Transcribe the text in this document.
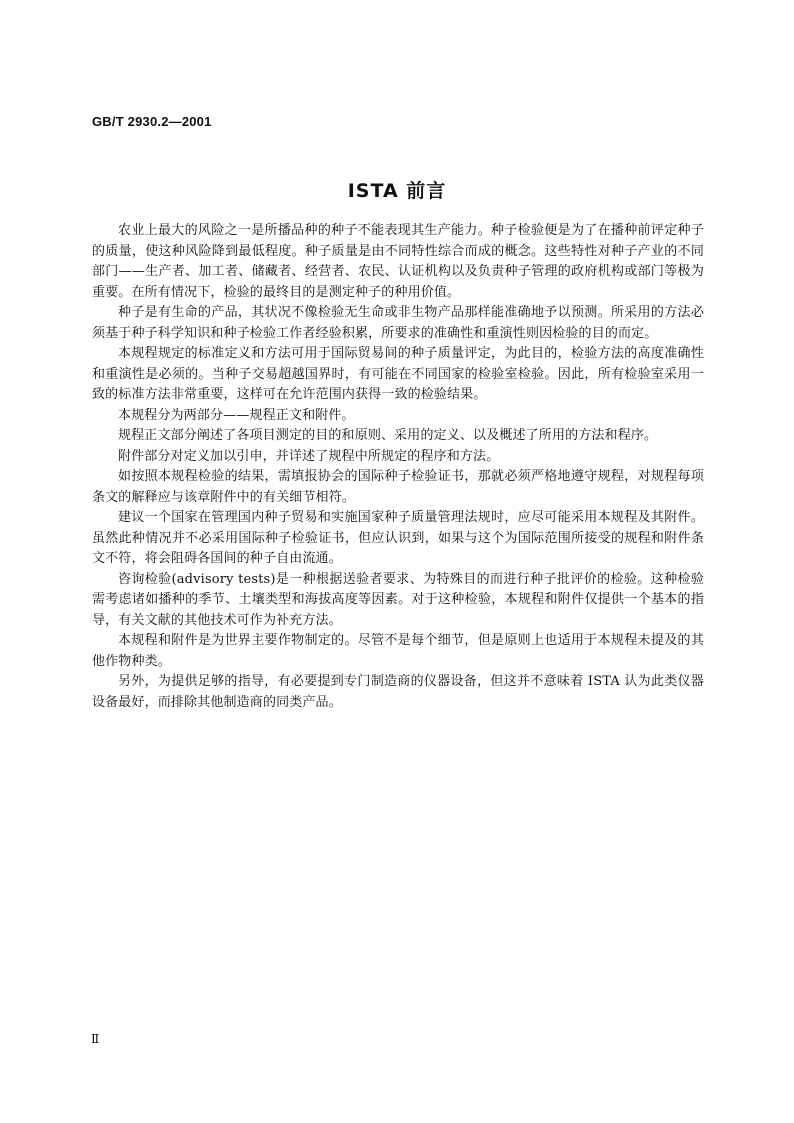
GB/T 2930.2—2001
ISTA 前言

农业上最大的风险之一是所播品种的种子不能表现其生产能力。种子检验便是为了在播种前评定种子的质量，使这种风险降到最低程度。种子质量是由不同特性综合而成的概念。这些特性对种子产业的不同部门——生产者、加工者、储藏者、经营者、农民、认证机构以及负责种子管理的政府机构或部门等极为重要。在所有情况下，检验的最终目的是测定种子的种用价值。

种子是有生命的产品，其状况不像检验无生命或非生物产品那样能准确地予以预测。所采用的方法必须基于种子科学知识和种子检验工作者经验积累，所要求的准确性和重演性则因检验的目的而定。

本规程规定的标准定义和方法可用于国际贸易间的种子质量评定，为此目的，检验方法的高度准确性和重演性是必须的。当种子交易超越国界时，有可能在不同国家的检验室检验。因此，所有检验室采用一致的标准方法非常重要，这样可在允许范围内获得一致的检验结果。

本规程分为两部分——规程正文和附件。

规程正文部分阐述了各项目测定的目的和原则、采用的定义、以及概述了所用的方法和程序。

附件部分对定义加以引申，并详述了规程中所规定的程序和方法。

如按照本规程检验的结果，需填报协会的国际种子检验证书，那就必须严格地遵守规程，对规程每项条文的解释应与该章附件中的有关细节相符。

建议一个国家在管理国内种子贸易和实施国家种子质量管理法规时，应尽可能采用本规程及其附件。虽然此种情况并不必采用国际种子检验证书，但应认识到，如果与这个为国际范围所接受的规程和附件条文不符，将会阻碍各国间的种子自由流通。

咨询检验(advisory tests)是一种根据送验者要求、为特殊目的而进行种子批评价的检验。这种检验需考虑诸如播种的季节、土壤类型和海拔高度等因素。对于这种检验，本规程和附件仅提供一个基本的指导，有关文献的其他技术可作为补充方法。

本规程和附件是为世界主要作物制定的。尽管不是每个细节，但是原则上也适用于本规程未提及的其他作物种类。

另外，为提供足够的指导，有必要提到专门制造商的仪器设备，但这并不意味着 ISTA 认为此类仪器设备最好，而排除其他制造商的同类产品。

Ⅱ
